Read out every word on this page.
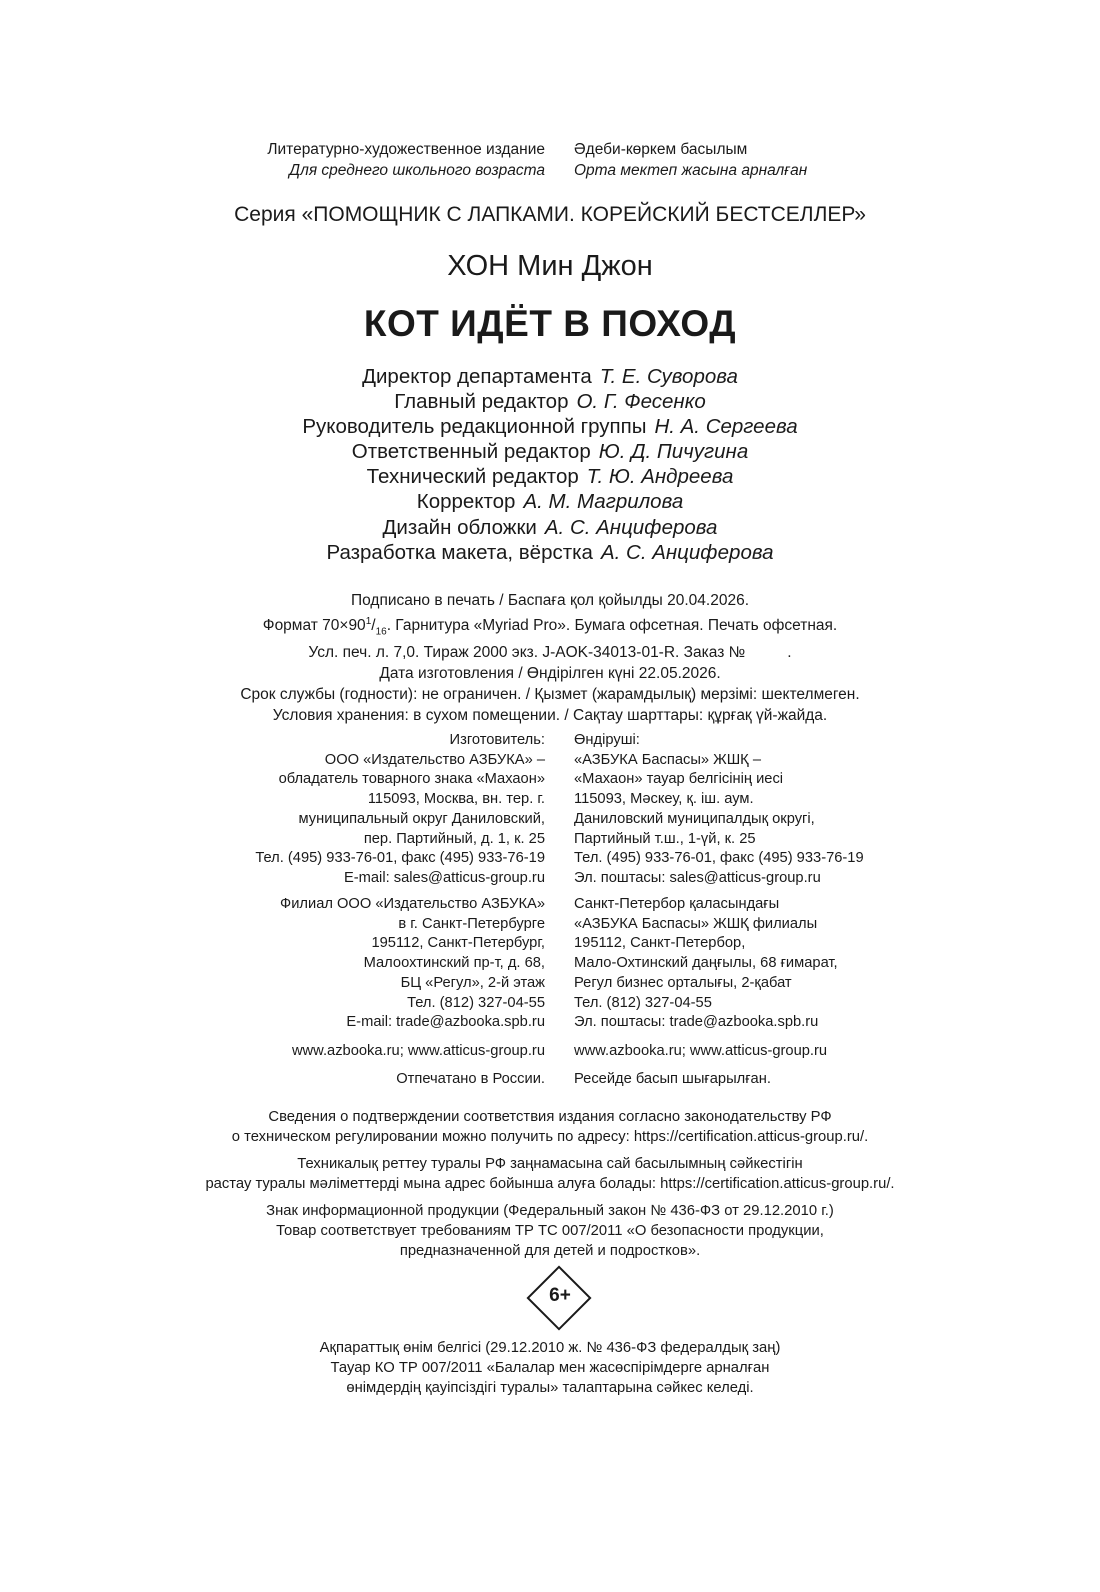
Литературно-художественное издание
Для среднего школьного возраста
Әдеби-көркем басылым
Орта мектеп жасына арналған
Серия «ПОМОЩНИК С ЛАПКАМИ. КОРЕЙСКИЙ БЕСТСЕЛЛЕР»
ХОН Мин Джон
КОТ ИДЁТ В ПОХОД
Директор департамента Т. Е. Суворова
Главный редактор О. Г. Фесенко
Руководитель редакционной группы Н. А. Сергеева
Ответственный редактор Ю. Д. Пичугина
Технический редактор Т. Ю. Андреева
Корректор А. М. Магрилова
Дизайн обложки А. С. Анциферова
Разработка макета, вёрстка А. С. Анциферова
Подписано в печать / Баспаға қол қойылды 20.04.2026.
Формат $70\times 90^1/_{16}$. Гарнитура «Myriad Pro». Бумага офсетная. Печать офсетная.
Усл. печ. л. 7,0. Тираж 2000 экз. J-AOK-34013-01-R. Заказ №	.
Дата изготовления / Өндірілген күні 22.05.2026.
Срок службы (годности): не ограничен. / Қызмет (жарамдылық) мерзімі: шектелмеген.
Условия хранения: в сухом помещении. / Сақтау шарттары: құрғақ үй-жайда.
Изготовитель:
ООО «Издательство АЗБУКА» –
обладатель товарного знака «Махаон»
115093, Москва, вн. тер. г.
муниципальный округ Даниловский,
пер. Партийный, д. 1, к. 25
Тел. (495) 933-76-01, факс (495) 933-76-19
E-mail: sales@atticus-group.ru
Өндіруші:
«АЗБУКА Баспасы» ЖШҚ –
«Махаон» тауар белгісінің иесі
115093, Мәскеу, қ. іш. аум.
Даниловский муниципалдық округі,
Партийный т.ш., 1-үй, к. 25
Тел. (495) 933-76-01, факс (495) 933-76-19
Эл. поштасы: sales@atticus-group.ru
Филиал ООО «Издательство АЗБУКА»
в г. Санкт-Петербурге
195112, Санкт-Петербург,
Малоохтинский пр-т, д. 68,
БЦ «Регул», 2-й этаж
Тел. (812) 327-04-55
E-mail: trade@azbooka.spb.ru
Санкт-Петербор қаласындағы
«АЗБУКА Баспасы» ЖШҚ филиалы
195112, Санкт-Петербор,
Мало-Охтинский даңғылы, 68 ғимарат,
Регул бизнес орталығы, 2-қабат
Тел. (812) 327-04-55
Эл. поштасы: trade@azbooka.spb.ru
www.azbooka.ru; www.atticus-group.ru www.azbooka.ru; www.atticus-group.ru
Отпечатано в России. Ресейде басып шығарылған.
Сведения о подтверждении соответствия издания согласно законодательству РФ
о техническом регулировании можно получить по адресу: https://certification.atticus-group.ru/.
Техникалық реттеу туралы РФ заңнамасына сай басылымның сәйкестігін
растау туралы мәліметтерді мына адрес бойынша алуға болады: https://certification.atticus-group.ru/.
Знак информационной продукции (Федеральный закон № 436-ФЗ от 29.12.2010 г.)
Товар соответствует требованиям ТР ТС 007/2011 «О безопасности продукции,
предназначенной для детей и подростков».
6+
Ақпараттық өнім белгісі (29.12.2010 ж. № 436-ФЗ федералдық заң)
Тауар КО ТР 007/2011 «Балалар мен жасөспірімдерге арналған
өнімдердің қауіпсіздігі туралы» талаптарына сәйкес келеді.
